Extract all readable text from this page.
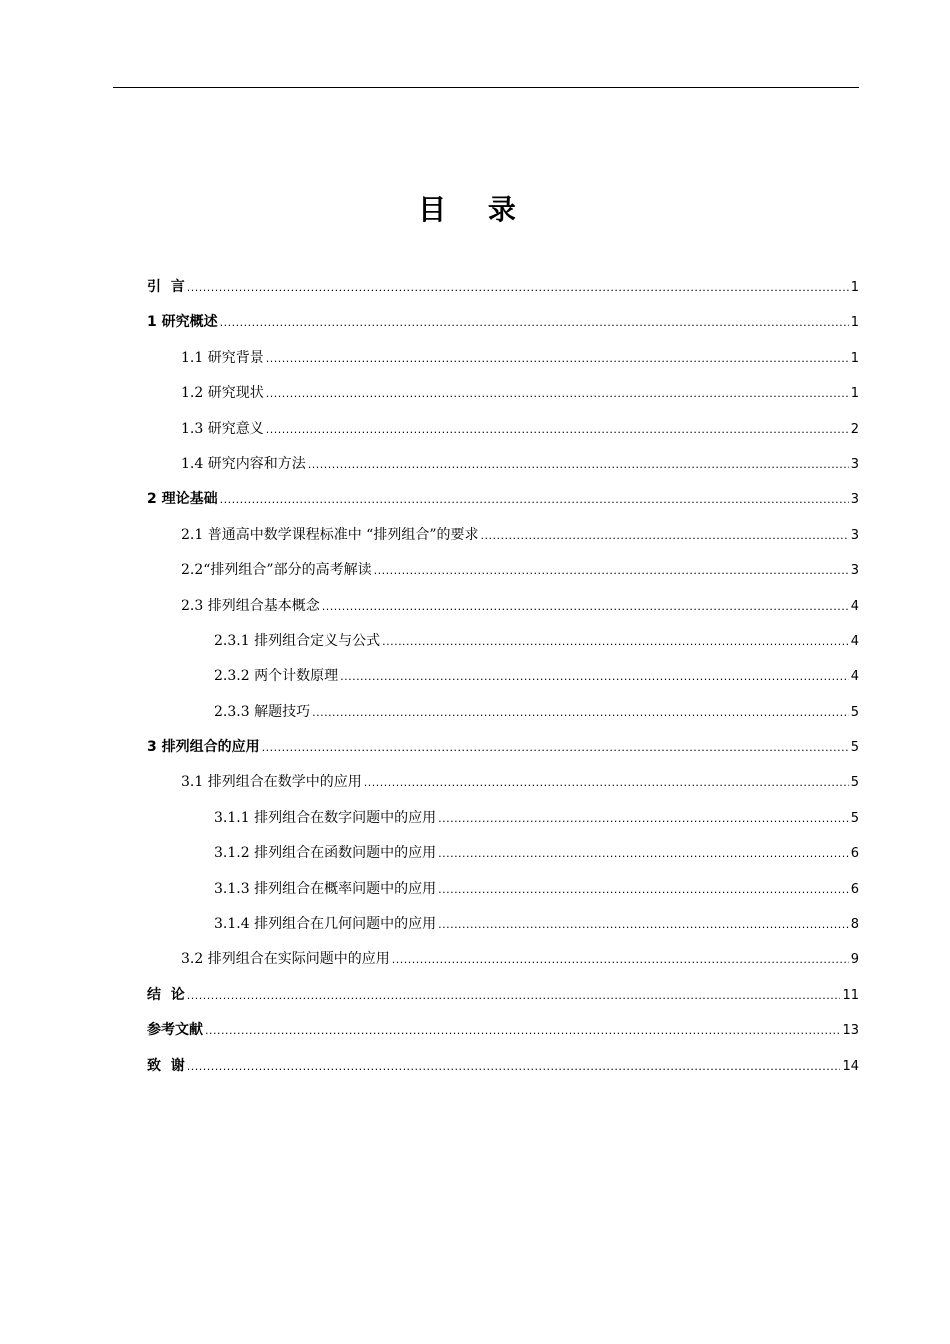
目 录
引  言 .....	1
1 研究概述 .....	1
1.1 研究背景 .....	1
1.2 研究现状 .....	1
1.3 研究意义 .....	2
1.4 研究内容和方法 .....	3
2 理论基础 .....	3
2.1 普通高中数学课程标准中 “排列组合”的要求 .....	3
2.2“排列组合”部分的高考解读 .....	3
2.3 排列组合基本概念 .....	4
2.3.1 排列组合定义与公式 .....	4
2.3.2 两个计数原理 .....	4
2.3.3 解题技巧 .....	5
3 排列组合的应用 .....	5
3.1 排列组合在数学中的应用 .....	5
3.1.1 排列组合在数字问题中的应用 .....	5
3.1.2 排列组合在函数问题中的应用 .....	6
3.1.3 排列组合在概率问题中的应用 .....	6
3.1.4 排列组合在几何问题中的应用 .....	8
3.2 排列组合在实际问题中的应用 .....	9
结  论 .....	11
参考文献 .....	13
致  谢 .....	14
